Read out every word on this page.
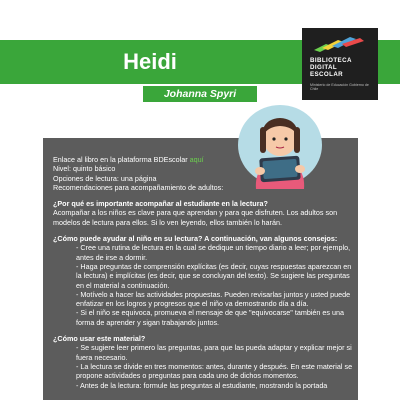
Heidi
Johanna Spyri
BIBLIOTECA
DIGITAL
ESCOLAR
Ministerio de Educación Gobierno de Chile

Enlace al libro en la plataforma BDEscolar aquí

Nivel: quinto básico

Opciones de lectura: una página

Recomendaciones para acompañamiento de adultos:

¿Por qué es importante acompañar al estudiante en la lectura?

Acompañar a los niños es clave para que aprendan y para que disfruten. Los adultos son modelos de lectura para ellos. Si lo ven leyendo, ellos también lo harán.

¿Cómo puede ayudar al niño en su lectura? A continuación, van algunos consejos:

- Cree una rutina de lectura en la cual se dedique un tiempo diario a leer; por ejemplo, antes de irse a dormir.

- Haga preguntas de comprensión explícitas (es decir, cuyas respuestas aparezcan en la lectura) e implícitas (es decir, que se concluyan del texto). Se sugiere las preguntas en el material a continuación.

- Motívelo a hacer las actividades propuestas. Pueden revisarlas juntos y usted puede enfatizar en los logros y progresos que el niño va demostrando día a día.

- Si el niño se equivoca, promueva el mensaje de que "equivocarse" también es una forma de aprender y sigan trabajando juntos.

¿Cómo usar este material?

- Se sugiere leer primero las preguntas, para que las pueda adaptar y explicar mejor si fuera necesario.

- La lectura se divide en tres momentos: antes, durante y después. En este material se propone actividades o preguntas para cada uno de dichos momentos.

- Antes de la lectura: formule las preguntas al estudiante, mostrando la portada
